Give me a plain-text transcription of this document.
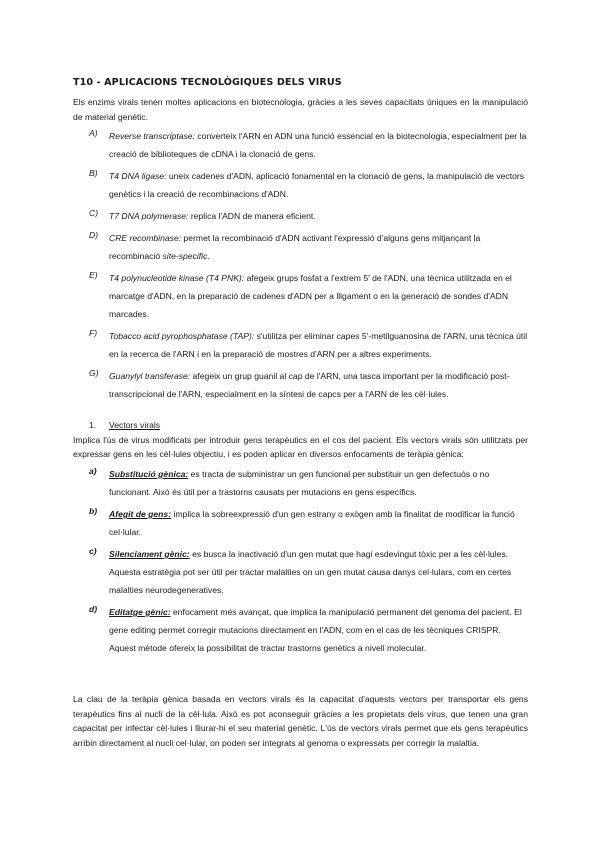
T10 - APLICACIONS TECNOLÒGIQUES DELS VIRUS

Els enzims virals tenen moltes aplicacions en biotecnologia, gràcies a les seves capacitats úniques en la manipulació de material genètic.

A) Reverse transcriptase: converteix l'ARN en ADN una funció essencial en la biotecnologia, especialment per la creació de biblioteques de cDNA i la clonació de gens.
B) T4 DNA ligase: uneix cadenes d'ADN, aplicació fonamental en la clonació de gens, la manipulació de vectors genètics i la creació de recombinacions d'ADN.
C) T7 DNA polymerase: replica l'ADN de manera eficient.
D) CRE recombinase: permet la recombinació d'ADN activant l'expressió d'alguns gens mitjançant la recombinació site-specific.
E) T4 polynucleotide kinase (T4 PNK): afegeix grups fosfat a l'extrem 5' de l'ADN, una tècnica utilitzada en el marcatge d'ADN, en la preparació de cadenes d'ADN per a lligament o en la generació de sondes d'ADN marcades.
F) Tobacco acid pyrophosphatase (TAP): s'utilitza per eliminar capes 5'-metilguanosina de l'ARN, una tècnica útil en la recerca de l'ARN i en la preparació de mostres d'ARN per a altres experiments.
G) Guanylyl transferase: afegeix un grup guanil al cap de l'ARN, una tasca important per la modificació post-transcripcional de l'ARN, especialment en la síntesi de capcs per a l'ARN de les cèl·lules.
1. Vectors virals

Implica l'ús de virus modificats per introduir gens terapèutics en el cos del pacient. Els vectors virals són utilitzats per expressar gens en les cèl·lules objectiu, i es poden aplicar en diversos enfocaments de teràpia gènica:

a) Substitució gènica: es tracta de subministrar un gen funcional per substituir un gen defectuós o no funcionant. Això és útil per a trastorns causats per mutacions en gens específics.
b) Afegit de gens: implica la sobreexpressió d'un gen estrany o exògen amb la finalitat de modificar la funció cel·lular.
c) Silenciament gènic: es busca la inactivació d'un gen mutat que hagi esdevingut tòxic per a les cèl·lules. Aquesta estratègia pot ser útil per tractar malalties on un gen mutat causa danys cel·lulars, com en certes malalties neurodegeneratives.
d) Editatge gènic: enfocament més avançat, que implica la manipulació permanent del genoma del pacient. El gene editing permet corregir mutacions directament en l'ADN, com en el cas de les tècniques CRISPR. Aquest mètode ofereix la possibilitat de tractar trastorns genètics a nivell molecular.

La clau de la teràpia gènica basada en vectors virals és la capacitat d'aquests vectors per transportar els gens terapèutics fins al nucli de la cèl·lula. Això es pot aconseguir gràcies a les propietats dels virus, que tenen una gran capacitat per infectar cèl·lules i lliurar-hi el seu material genètic. L'ús de vectors virals permet que els gens terapèutics arribin directament al nucli cel·lular, on poden ser integrats al genoma o expressats per corregir la malaltia.
